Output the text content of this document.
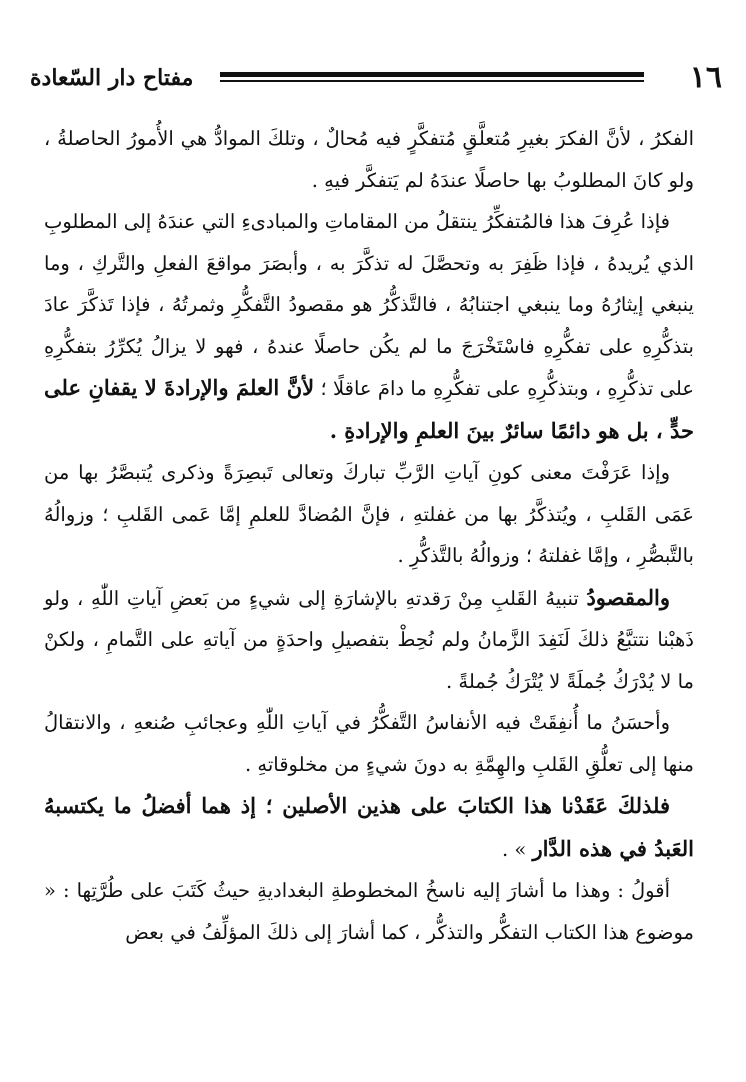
١٦
مفتاح دار السّعادة

الفكرُ ، لأنَّ الفكرَ بغيرِ مُتعلَّقٍ مُتفكَّرٍ فيه مُحالٌ ، وتلكَ الموادُّ هي الأُمورُ الحاصلةُ ، ولو كانَ المطلوبُ بها حاصلًا عندَهُ لم يَتفكَّر فيهِ .

فإذا عُرِفَ هذا فالمُتفكِّرُ ينتقلُ من المقاماتِ والمبادىءِ التي عندَهُ إلى المطلوبِ الذي يُريدهُ ، فإذا ظَفِرَ به وتحصَّلَ له تذكَّرَ به ، وأبصَرَ مواقعَ الفعلِ والتَّركِ ، وما ينبغي إيثارُهُ وما ينبغي اجتنابُهُ ، فالتَّذكُّرُ هو مقصودُ التَّفكُّرِ وثمرتُهُ ، فإذا تَذكَّرَ عادَ بتذكُّرِهِ على تفكُّرِهِ فاسْتَخْرَجَ ما لم يكُن حاصلًا عندهُ ، فهو لا يزالُ يُكرِّرُ بتفكُّرِهِ على تذكُّرِهِ ، وبتذكُّرِهِ على تفكُّرِهِ ما دامَ عاقلًا ؛ لأنَّ العلمَ والإرادةَ لا يقفانِ على حدٍّ ، بل هو دائمًا سائرٌ بينَ العلمِ والإرادةِ .

وإذا عَرَفْتَ معنى كونِ آياتِ الرَّبِّ تباركَ وتعالى تَبصِرَةً وذكرى يُتبصَّرُ بها من عَمَى القَلبِ ، ويُتذكَّرُ بها من غفلتهِ ، فإنَّ المُضادَّ للعلمِ إمَّا عَمى القَلبِ ؛ وزوالُهُ بالتَّبصُّرِ ، وإمَّا غفلتهُ ؛ وزوالُهُ بالتَّذكُّرِ .

والمقصودُ تنبيهُ القَلبِ مِنْ رَقدتهِ بالإشارَةِ إلى شيءٍ من بَعضِ آياتِ اللّٰهِ ، ولو ذَهبْنا نتتبَّعُ ذلكَ لَنَفِدَ الزَّمانُ ولم نُحِطْ بتفصيلِ واحدَةٍ من آياتهِ على التَّمامِ ، ولكنْ ما لا يُدْرَكُ جُملَةً لا يُتْرَكُ جُملةً .

وأحسَنُ ما أُنفِقَتْ فيه الأنفاسُ التَّفكُّرُ في آياتِ اللّٰهِ وعجائبِ صُنعهِ ، والانتقالُ منها إلى تعلُّقِ القَلبِ والهِمَّةِ به دونَ شيءٍ من مخلوقاتهِ .

فلذلكَ عَقَدْنا هذا الكتابَ على هذين الأصلين ؛ إذ هما أفضلُ ما يكتسبهُ العَبدُ في هذه الدَّار » .

أقولُ : وهذا ما أشارَ إليه ناسخُ المخطوطةِ البغداديةِ حيثُ كَتَبَ على طُرَّتِها : « موضوع هذا الكتاب التفكُّر والتذكُّر ، كما أشارَ إلى ذلكَ المؤلِّفُ في بعض
